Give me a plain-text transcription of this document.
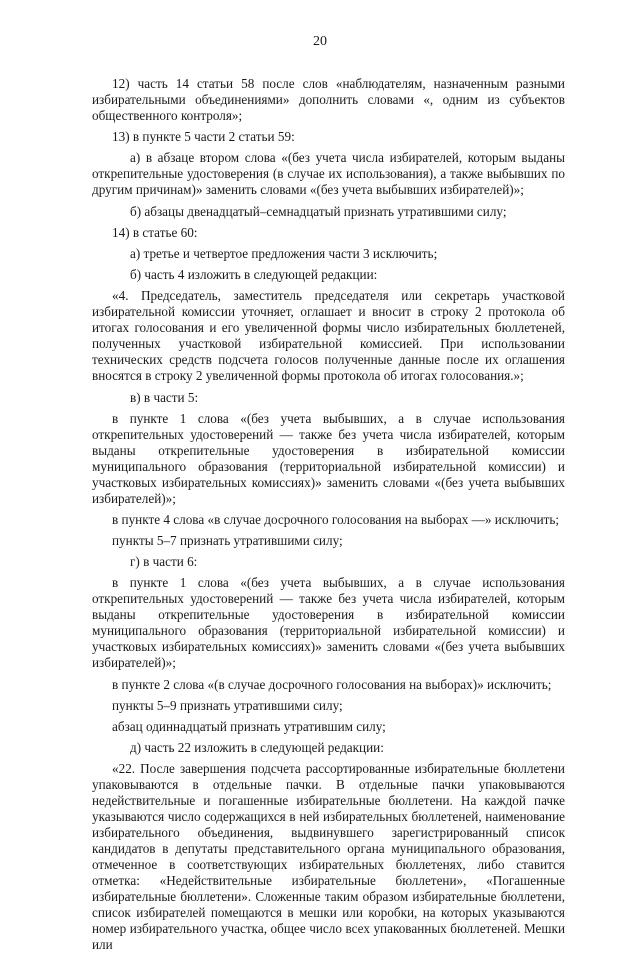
20

12) часть 14 статьи 58 после слов «наблюдателям, назначенным разными избирательными объединениями» дополнить словами «, одним из субъектов общественного контроля»;

13) в пункте 5 части 2 статьи 59:

а) в абзаце втором слова «(без учета числа избирателей, которым выданы открепительные удостоверения (в случае их использования), а также выбывших по другим причинам)» заменить словами «(без учета выбывших избирателей)»;

б) абзацы двенадцатый–семнадцатый признать утратившими силу;

14) в статье 60:

а) третье и четвертое предложения части 3 исключить;

б) часть 4 изложить в следующей редакции:

«4. Председатель, заместитель председателя или секретарь участковой избирательной комиссии уточняет, оглашает и вносит в строку 2 протокола об итогах голосования и его увеличенной формы число избирательных бюллетеней, полученных участковой избирательной комиссией. При использовании технических средств подсчета голосов полученные данные после их оглашения вносятся в строку 2 увеличенной формы протокола об итогах голосования.»;

в) в части 5:

в пункте 1 слова «(без учета выбывших, а в случае использования открепительных удостоверений — также без учета числа избирателей, которым выданы открепительные удостоверения в избирательной комиссии муниципального образования (территориальной избирательной комиссии) и участковых избирательных комиссиях)» заменить словами «(без учета выбывших избирателей)»;

в пункте 4 слова «в случае досрочного голосования на выборах —» исключить;

пункты 5–7 признать утратившими силу;

г) в части 6:

в пункте 1 слова «(без учета выбывших, а в случае использования открепительных удостоверений — также без учета числа избирателей, которым выданы открепительные удостоверения в избирательной комиссии муниципального образования (территориальной избирательной комиссии) и участковых избирательных комиссиях)» заменить словами «(без учета выбывших избирателей)»;

в пункте 2 слова «(в случае досрочного голосования на выборах)» исключить;

пункты 5–9 признать утратившими силу;

абзац одиннадцатый признать утратившим силу;

д) часть 22 изложить в следующей редакции:

«22. После завершения подсчета рассортированные избирательные бюллетени упаковываются в отдельные пачки. В отдельные пачки упаковываются недействительные и погашенные избирательные бюллетени. На каждой пачке указываются число содержащихся в ней избирательных бюллетеней, наименование избирательного объединения, выдвинувшего зарегистрированный список кандидатов в депутаты представительного органа муниципального образования, отмеченное в соответствующих избирательных бюллетенях, либо ставится отметка: «Недействительные избирательные бюллетени», «Погашенные избирательные бюллетени». Сложенные таким образом избирательные бюллетени, список избирателей помещаются в мешки или коробки, на которых указываются номер избирательного участка, общее число всех упакованных бюллетеней. Мешки или
